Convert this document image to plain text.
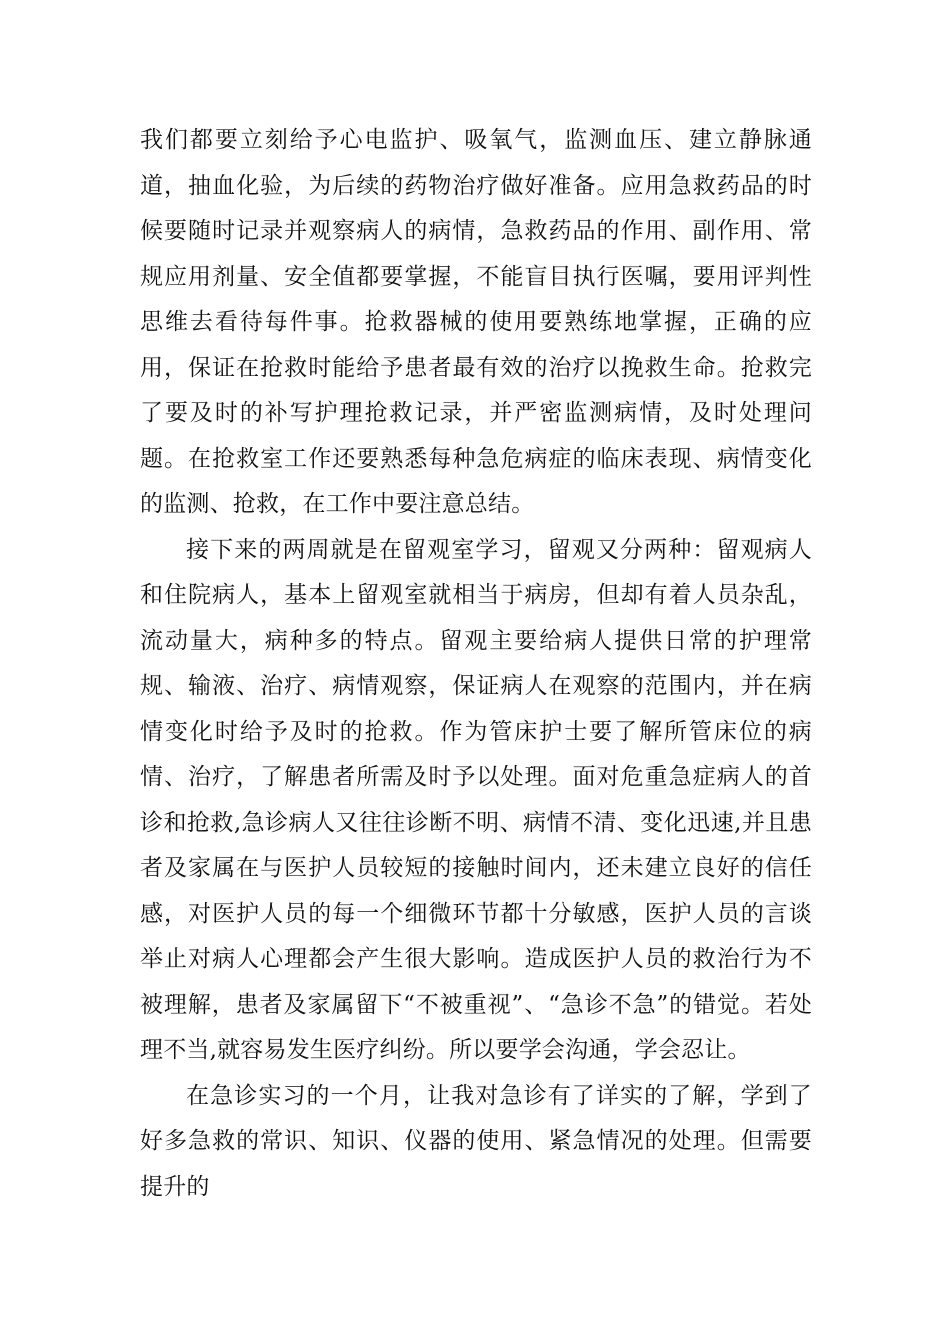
我们都要立刻给予心电监护、吸氧气，监测血压、建立静脉通道，抽血化验，为后续的药物治疗做好准备。应用急救药品的时候要随时记录并观察病人的病情，急救药品的作用、副作用、常规应用剂量、安全值都要掌握，不能盲目执行医嘱，要用评判性思维去看待每件事。抢救器械的使用要熟练地掌握，正确的应用，保证在抢救时能给予患者最有效的治疗以挽救生命。抢救完了要及时的补写护理抢救记录，并严密监测病情，及时处理问题。在抢救室工作还要熟悉每种急危病症的临床表现、病情变化的监测、抢救，在工作中要注意总结。

接下来的两周就是在留观室学习，留观又分两种：留观病人和住院病人，基本上留观室就相当于病房，但却有着人员杂乱，流动量大，病种多的特点。留观主要给病人提供日常的护理常规、输液、治疗、病情观察，保证病人在观察的范围内，并在病情变化时给予及时的抢救。作为管床护士要了解所管床位的病情、治疗，了解患者所需及时予以处理。面对危重急症病人的首诊和抢救,急诊病人又往往诊断不明、病情不清、变化迅速,并且患者及家属在与医护人员较短的接触时间内，还未建立良好的信任感，对医护人员的每一个细微环节都十分敏感，医护人员的言谈举止对病人心理都会产生很大影响。造成医护人员的救治行为不被理解，患者及家属留下“不被重视”、“急诊不急”的错觉。若处理不当,就容易发生医疗纠纷。所以要学会沟通，学会忍让。

在急诊实习的一个月，让我对急诊有了详实的了解，学到了好多急救的常识、知识、仪器的使用、紧急情况的处理。但需要提升的
